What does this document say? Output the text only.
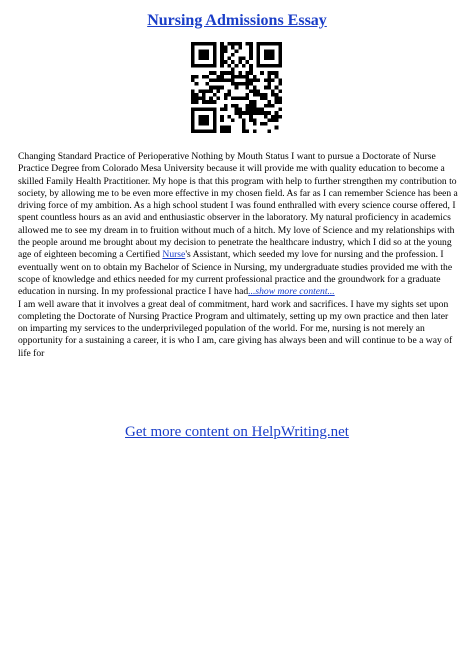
Nursing Admissions Essay

Changing Standard Practice of Perioperative Nothing by Mouth Status I want to pursue a Doctorate of Nurse Practice Degree from Colorado Mesa University because it will provide me with quality education to become a skilled Family Health Practitioner. My hope is that this program with help to further strengthen my contribution to society, by allowing me to be even more effective in my chosen field. As far as I can remember Science has been a driving force of my ambition. As a high school student I was found enthralled with every science course offered, I spent countless hours as an avid and enthusiastic observer in the laboratory. My natural proficiency in academics allowed me to see my dream in to fruition without much of a hitch. My love of Science and my relationships with the people around me brought about my decision to penetrate the healthcare industry, which I did so at the young age of eighteen becoming a Certified Nurse's Assistant, which seeded my love for nursing and the profession. I eventually went on to obtain my Bachelor of Science in Nursing, my undergraduate studies provided me with the scope of knowledge and ethics needed for my current professional practice and the groundwork for a graduate education in nursing. In my professional practice I have had...show more content...

I am well aware that it involves a great deal of commitment, hard work and sacrifices. I have my sights set upon completing the Doctorate of Nursing Practice Program and ultimately, setting up my own practice and then later on imparting my services to the underprivileged population of the world. For me, nursing is not merely an opportunity for a sustaining a career, it is who I am, care giving has always been and will continue to be a way of life for

Get more content on HelpWriting.net
